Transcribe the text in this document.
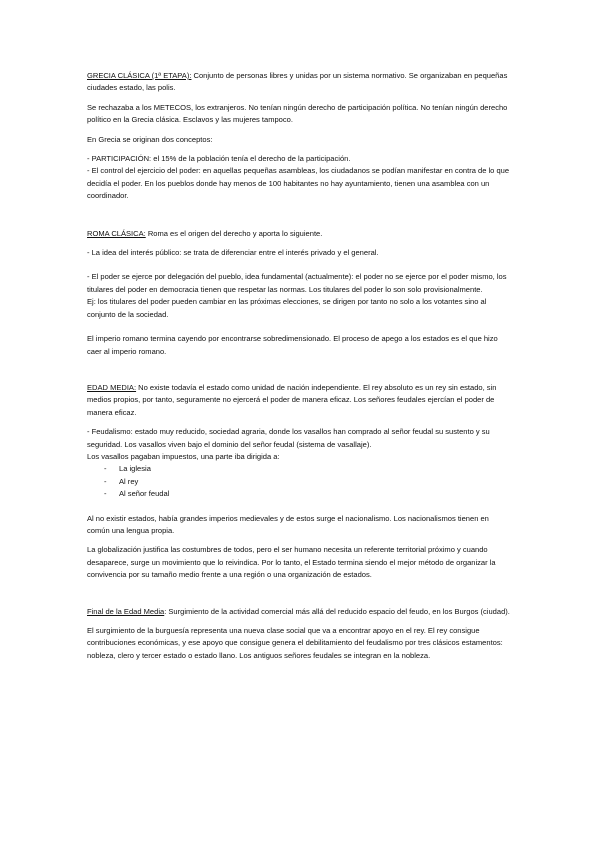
GRECIA CLÁSICA (1ª ETAPA): Conjunto de personas libres y unidas por un sistema normativo. Se organizaban en pequeñas ciudades estado, las polis.

Se rechazaba a los METECOS, los extranjeros. No tenían ningún derecho de participación política. No tenían ningún derecho político en la Grecia clásica. Esclavos y las mujeres tampoco.

En Grecia se originan dos conceptos:

- PARTICIPACIÓN: el 15% de la población tenía el derecho de la participación.

- El control del ejercicio del poder: en aquellas pequeñas asambleas, los ciudadanos se podían manifestar en contra de lo que decidía el poder. En los pueblos donde hay menos de 100 habitantes no hay ayuntamiento, tienen una asamblea con un coordinador.

ROMA CLÁSICA: Roma es el origen del derecho y aporta lo siguiente.

- La idea del interés público: se trata de diferenciar entre el interés privado y el general.

- El poder se ejerce por delegación del pueblo, idea fundamental (actualmente): el poder no se ejerce por el poder mismo, los titulares del poder en democracia tienen que respetar las normas. Los titulares del poder lo son solo provisionalmente.

Ej: los titulares del poder pueden cambiar en las próximas elecciones, se dirigen por tanto no solo a los votantes sino al conjunto de la sociedad.

El imperio romano termina cayendo por encontrarse sobredimensionado. El proceso de apego a los estados es el que hizo caer al imperio romano.

EDAD MEDIA: No existe todavía el estado como unidad de nación independiente. El rey absoluto es un rey sin estado, sin medios propios, por tanto, seguramente no ejercerá el poder de manera eficaz. Los señores feudales ejercían el poder de manera eficaz.

- Feudalismo: estado muy reducido, sociedad agraria, donde los vasallos han comprado al señor feudal su sustento y su seguridad. Los vasallos viven bajo el dominio del señor feudal (sistema de vasallaje).

Los vasallos pagaban impuestos, una parte iba dirigida a:

- La iglesia
- Al rey
- Al señor feudal

Al no existir estados, había grandes imperios medievales y de estos surge el nacionalismo. Los nacionalismos tienen en común una lengua propia.

La globalización justifica las costumbres de todos, pero el ser humano necesita un referente territorial próximo y cuando desaparece, surge un movimiento que lo reivindica. Por lo tanto, el Estado termina siendo el mejor método de organizar la convivencia por su tamaño medio frente a una región o una organización de estados.

Final de la Edad Media: Surgimiento de la actividad comercial más allá del reducido espacio del feudo, en los Burgos (ciudad).

El surgimiento de la burguesía representa una nueva clase social que va a encontrar apoyo en el rey. El rey consigue contribuciones económicas, y ese apoyo que consigue genera el debilitamiento del feudalismo por tres clásicos estamentos: nobleza, clero y tercer estado o estado llano. Los antiguos señores feudales se integran en la nobleza.
